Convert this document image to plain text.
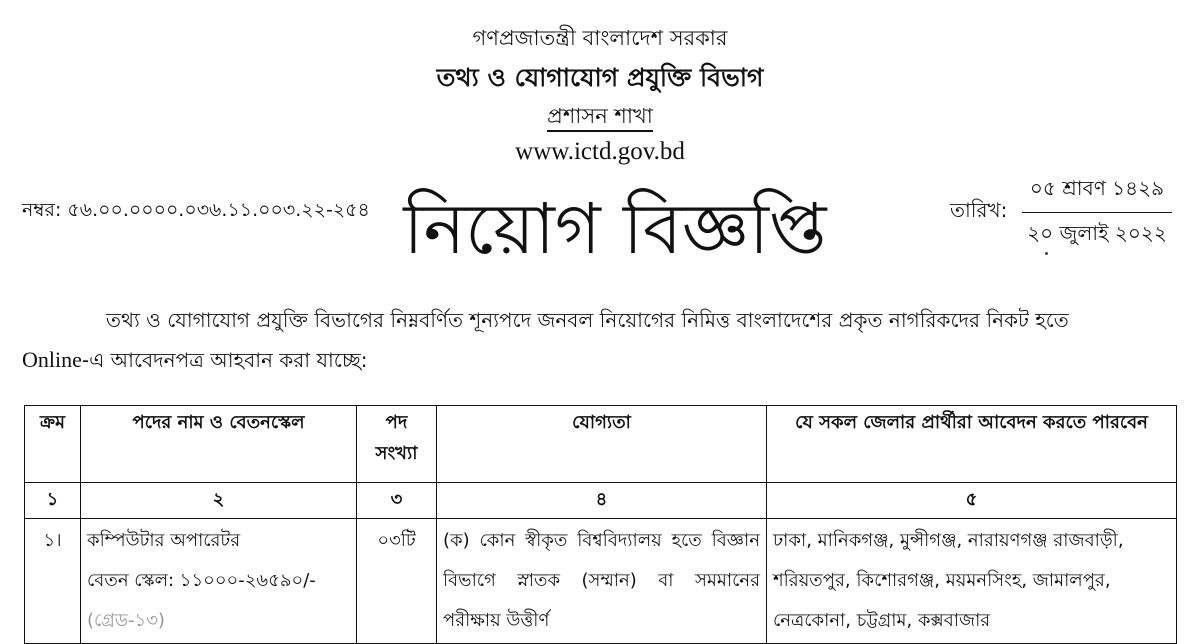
গণপ্রজাতন্ত্রী বাংলাদেশ সরকার
তথ্য ও যোগাযোগ প্রযুক্তি বিভাগ
প্রশাসন শাখা
www.ictd.gov.bd
নম্বর: ৫৬.০০.০০০০.০৩৬.১১.০০৩.২২-২৫৪	তারিখ:
০৫ শ্রাবণ ১৪২৯
২০ জুলাই ২০২২
নিয়োগ বিজ্ঞপ্তি
তথ্য ও যোগাযোগ প্রযুক্তি বিভাগের নিম্নবর্ণিত শূন্যপদে জনবল নিয়োগের নিমিত্ত বাংলাদেশের প্রকৃত নাগরিকদের নিকট হতে
Online-এ আবেদনপত্র আহবান করা যাচ্ছে:
ক্রম	পদের নাম ও বেতনস্কেল	পদ সংখ্যা	যোগ্যতা	যে সকল জেলার প্রার্থীরা আবেদন করতে পারবেন
১	২	৩	৪	৫
১।	কম্পিউটার অপারেটর
বেতন স্কেল: ১১০০০-২৬৫৯০/-
(গ্রেড-১৩)	০৩টি	(ক) কোন স্বীকৃত বিশ্ববিদ্যালয় হতে বিজ্ঞান বিভাগে স্নাতক (সম্মান) বা সমমানের পরীক্ষায় উত্তীর্ণ	ঢাকা, মানিকগঞ্জ, মুন্সীগঞ্জ, নারায়ণগঞ্জ রাজবাড়ী, শরিয়তপুর, কিশোরগঞ্জ, ময়মনসিংহ, জামালপুর, নেত্রকোনা, চট্টগ্রাম, কক্সবাজার
